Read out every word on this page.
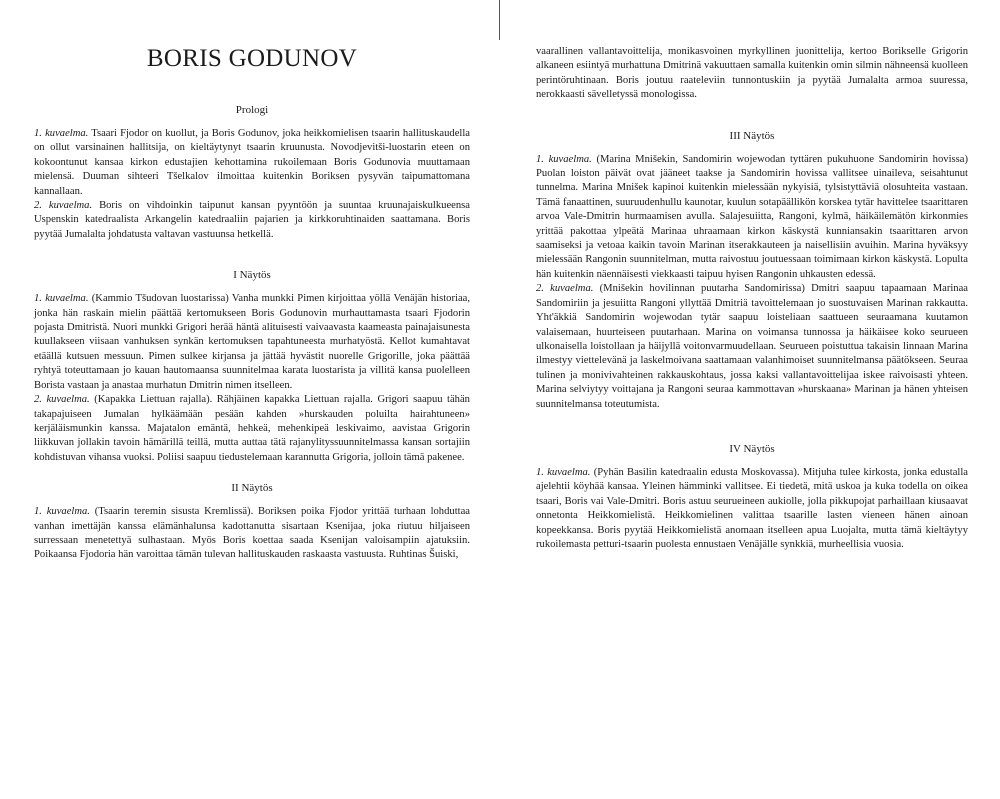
BORIS GODUNOV
Prologi

1. kuvaelma. Tsaari Fjodor on kuollut, ja Boris Godunov, joka heikkomielisen tsaarin hallituskaudella on ollut varsinainen hallitsija, on kieltäytynyt tsaarin kruunusta. Novodjevitši-luostarin eteen on kokoontunut kansaa kirkon edustajien kehottamina rukoilemaan Boris Godunovia muuttamaan mielensä. Duuman sihteeri Tšelkalov ilmoittaa kuitenkin Boriksen pysyvän taipumattomana kannallaan.

2. kuvaelma. Boris on vihdoinkin taipunut kansan pyyntöön ja suuntaa kruunajaiskulkueensa Uspenskin katedraalista Arkangelin katedraaliin pajarien ja kirkkoruhtinaiden saattamana. Boris pyytää Jumalalta johdatusta valtavan vastuunsa hetkellä.

I Näytös

1. kuvaelma. (Kammio Tšudovan luostarissa) Vanha munkki Pimen kirjoittaa yöllä Venäjän historiaa, jonka hän raskain mielin päättää kertomukseen Boris Godunovin murhauttamasta tsaari Fjodorin pojasta Dmitristä. Nuori munkki Grigori herää häntä alituisesti vaivaavasta kaameasta painajaisunesta kuullakseen viisaan vanhuksen synkän kertomuksen tapahtuneesta murhatyöstä. Kellot kumahtavat etäällä kutsuen messuun. Pimen sulkee kirjansa ja jättää hyvästit nuorelle Grigorille, joka päättää ryhtyä toteuttamaan jo kauan hautomaansa suunnitelmaa karata luostarista ja villitä kansa puolelleen Borista vastaan ja anastaa murhatun Dmitrin nimen itselleen.

2. kuvaelma. (Kapakka Liettuan rajalla). Rähjäinen kapakka Liettuan rajalla. Grigori saapuu tähän takapajuiseen Jumalan hylkäämään pesään kahden »hurskauden poluilta hairahtuneen» kerjäläismunkin kanssa. Majatalon emäntä, hehkeä, mehenkipeä leskivaimo, aavistaa Grigorin liikkuvan jollakin tavoin hämärillä teillä, mutta auttaa tätä rajanylityssuunnitelmassa kansan sortajiin kohdistuvan vihansa vuoksi. Poliisi saapuu tiedustelemaan karannutta Grigoria, jolloin tämä pakenee.

II Näytös

1. kuvaelma. (Tsaarin teremin sisusta Kremlissä). Boriksen poika Fjodor yrittää turhaan lohduttaa vanhan imettäjän kanssa elämänhalunsa kadottanutta sisartaan Ksenijaa, joka riutuu hiljaiseen surressaan menetettyä sulhastaan. Myös Boris koettaa saada Ksenijan valoisampiin ajatuksiin. Poikaansa Fjodoria hän varoittaa tämän tulevan hallituskauden raskaasta vastuusta. Ruhtinas Šuiski,

vaarallinen vallantavoittelija, monikasvoinen myrkyllinen juonittelija, kertoo Borikselle Grigorin alkaneen esiintyä murhattuna Dmitrinä vakuuttaen samalla kuitenkin omin silmin nähneensä kuolleen perintöruhtinaan. Boris joutuu raateleviin tunnontuskiin ja pyytää Jumalalta armoa suuressa, nerokkaasti sävelletyssä monologissa.

III Näytös

1. kuvaelma. (Marina Mnišekin, Sandomirin wojewodan tyttären pukuhuone Sandomirin hovissa) Puolan loiston päivät ovat jääneet taakse ja Sandomirin hovissa vallitsee uinaileva, seisahtunut tunnelma. Marina Mnišek kapinoi kuitenkin mielessään nykyisiä, tylsistyttäviä olosuhteita vastaan. Tämä fanaattinen, suuruudenhullu kaunotar, kuulun sotapäällikön korskea tytär havittelee tsaarittaren arvoa Vale-Dmitrin hurmaamisen avulla. Salajesuiitta, Rangoni, kylmä, häikäilemätön kirkonmies yrittää pakottaa ylpeätä Marinaa uhraamaan kirkon käskystä kunniansakin tsaarittaren arvon saamiseksi ja vetoaa kaikin tavoin Marinan itserakkauteen ja naisellisiin avuihin. Marina hyväksyy mielessään Rangonin suunnitelman, mutta raivostuu joutuessaan toimimaan kirkon käskystä. Lopulta hän kuitenkin näennäisesti viekkaasti taipuu hyisen Rangonin uhkausten edessä.

2. kuvaelma. (Mnišekin hovilinnan puutarha Sandomirissa) Dmitri saapuu tapaamaan Marinaa Sandomiriin ja jesuiitta Rangoni yllyttää Dmitriä tavoittelemaan jo suostuvaisen Marinan rakkautta. Yht'äkkiä Sandomirin wojewodan tytär saapuu loisteliaan saattueen seuraamana kuutamon valaisemaan, huurteiseen puutarhaan. Marina on voimansa tunnossa ja häikäisee koko seurueen ulkonaisella loistollaan ja häijyllä voitonvarmuudellaan. Seurueen poistuttua takaisin linnaan Marina ilmestyy viettelevänä ja laskelmoivana saattamaan valanhimoiset suunnitelmansa päätökseen. Seuraa tulinen ja monivivahteinen rakkauskohtaus, jossa kaksi vallantavoittelijaa iskee raivoisasti yhteen. Marina selviytyy voittajana ja Rangoni seuraa kammottavan »hurskaana» Marinan ja hänen yhteisen suunnitelmansa toteutumista.

IV Näytös

1. kuvaelma. (Pyhän Basilin katedraalin edusta Moskovassa). Mitjuha tulee kirkosta, jonka edustalla ajelehtii köyhää kansaa. Yleinen hämminki vallitsee. Ei tiedetä, mitä uskoa ja kuka todella on oikea tsaari, Boris vai Vale-Dmitri. Boris astuu seurueineen aukiolle, jolla pikkupojat parhaillaan kiusaavat onnetonta Heikkomielistä. Heikkomielinen valittaa tsaarille lasten vieneen hänen ainoan kopeekkansa. Boris pyytää Heikkomielistä anomaan itselleen apua Luojalta, mutta tämä kieltäytyy rukoilemasta petturi-tsaarin puolesta ennustaen Venäjälle synkkiä, murheellisia vuosia.
